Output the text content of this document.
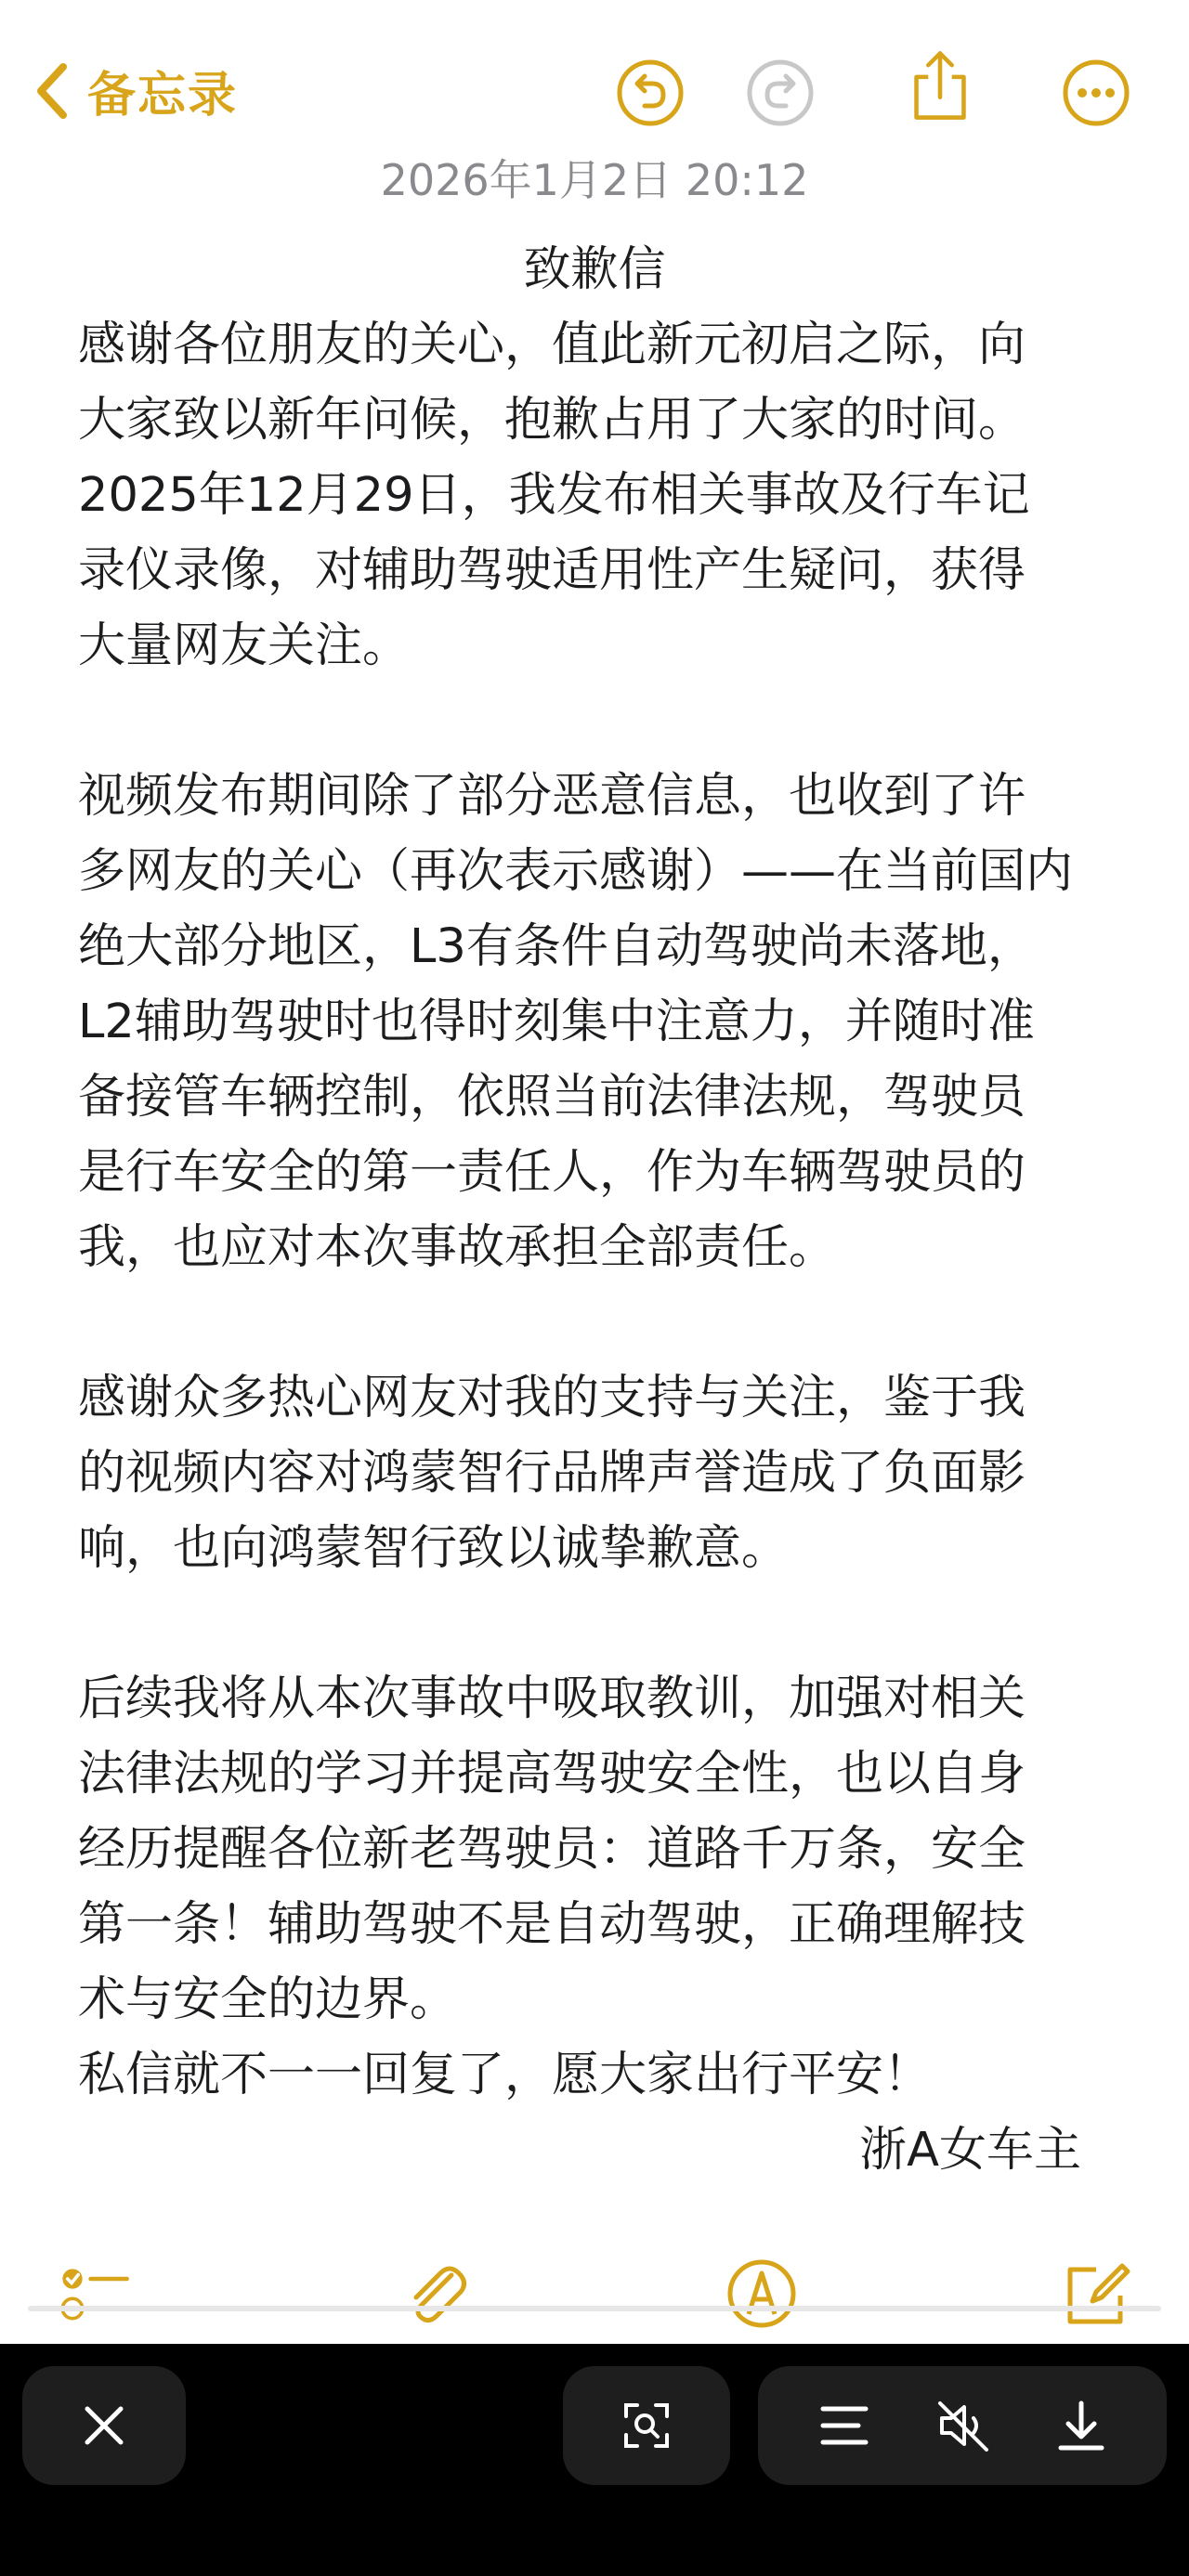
备忘录
2026年1月2日 20:12
致歉信
感谢各位朋友的关心，值此新元初启之际，向
大家致以新年问候，抱歉占用了大家的时间。
2025年12月29日，我发布相关事故及行车记
录仪录像，对辅助驾驶适用性产生疑问，获得
大量网友关注。
视频发布期间除了部分恶意信息，也收到了许
多网友的关心（再次表示感谢）——在当前国内
绝大部分地区，L3有条件自动驾驶尚未落地，
L2辅助驾驶时也得时刻集中注意力，并随时准
备接管车辆控制，依照当前法律法规，驾驶员
是行车安全的第一责任人，作为车辆驾驶员的
我，也应对本次事故承担全部责任。
感谢众多热心网友对我的支持与关注，鉴于我
的视频内容对鸿蒙智行品牌声誉造成了负面影
响，也向鸿蒙智行致以诚挚歉意。
后续我将从本次事故中吸取教训，加强对相关
法律法规的学习并提高驾驶安全性，也以自身
经历提醒各位新老驾驶员：道路千万条，安全
第一条！辅助驾驶不是自动驾驶，正确理解技
术与安全的边界。
私信就不一一回复了，愿大家出行平安！
浙A女车主
